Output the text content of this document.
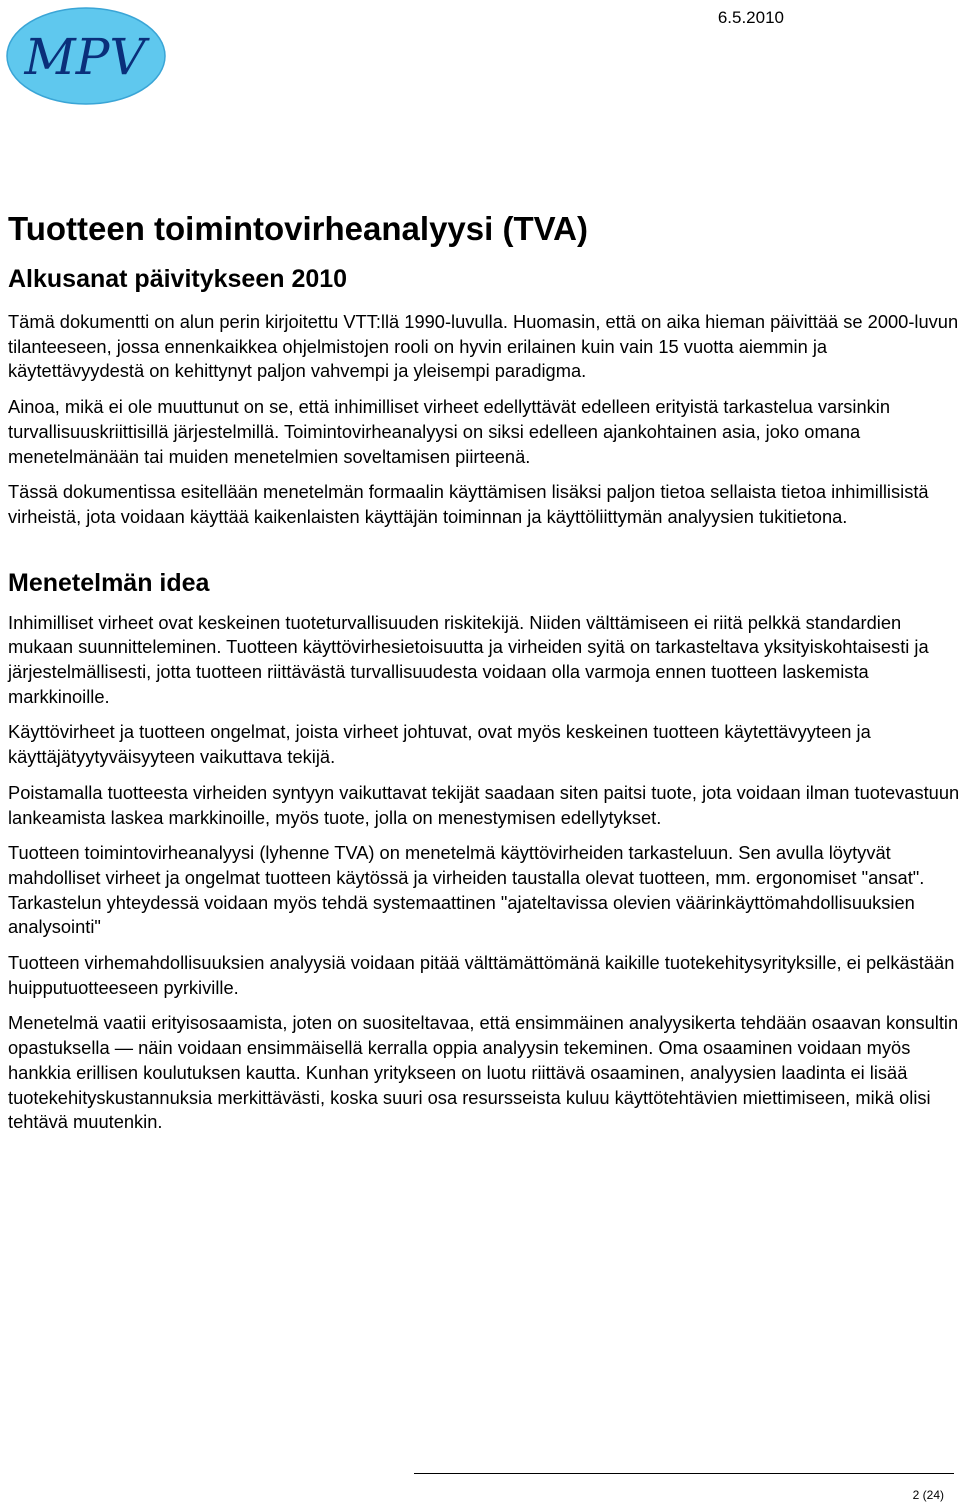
MPV
6.5.2010
Tuotteen toimintovirheanalyysi (TVA)
Alkusanat päivitykseen 2010

Tämä dokumentti on alun perin kirjoitettu VTT:llä 1990-luvulla. Huomasin, että on aika hieman päivittää se 2000-luvun tilanteeseen, jossa ennenkaikkea ohjelmistojen rooli on hyvin erilainen kuin vain 15 vuotta aiemmin ja käytettävyydestä on kehittynyt paljon vahvempi ja yleisempi paradigma.

Ainoa, mikä ei ole muuttunut on se, että inhimilliset virheet edellyttävät edelleen erityistä tarkastelua varsinkin turvallisuuskriittisillä järjestelmillä. Toimintovirheanalyysi on siksi edelleen ajankohtainen asia, joko omana menetelmänään tai muiden menetelmien soveltamisen piirteenä.

Tässä dokumentissa esitellään menetelmän formaalin käyttämisen lisäksi paljon tietoa sellaista tietoa inhimillisistä virheistä, jota voidaan käyttää kaikenlaisten käyttäjän toiminnan ja käyttöliittymän analyysien tukitietona.

Menetelmän idea

Inhimilliset virheet ovat keskeinen tuoteturvallisuuden riskitekijä. Niiden välttämiseen ei riitä pelkkä standardien mukaan suunnitteleminen. Tuotteen käyttövirhesietoisuutta ja virheiden syitä on tarkasteltava yksityiskohtaisesti ja järjestelmällisesti, jotta tuotteen riittävästä turvallisuudesta voidaan olla varmoja ennen tuotteen laskemista markkinoille.

Käyttövirheet ja tuotteen ongelmat, joista virheet johtuvat, ovat myös keskeinen tuotteen käytettävyyteen ja käyttäjätyytyväisyyteen vaikuttava tekijä.

Poistamalla tuotteesta virheiden syntyyn vaikuttavat tekijät saadaan siten paitsi tuote, jota voidaan ilman tuotevastuun lankeamista laskea markkinoille, myös tuote, jolla on menestymisen edellytykset.

Tuotteen toimintovirheanalyysi (lyhenne TVA) on menetelmä käyttövirheiden tarkasteluun. Sen avulla löytyvät mahdolliset virheet ja ongelmat tuotteen käytössä ja virheiden taustalla olevat tuotteen, mm. ergonomiset "ansat". Tarkastelun yhteydessä voidaan myös tehdä systemaattinen "ajateltavissa olevien väärinkäyttömahdollisuuksien analysointi"

Tuotteen virhemahdollisuuksien analyysiä voidaan pitää välttämättömänä kaikille tuotekehitysyrityksille, ei pelkästään huipputuotteeseen pyrkiville.

Menetelmä vaatii erityisosaamista, joten on suositeltavaa, että ensimmäinen analyysikerta tehdään osaavan konsultin opastuksella — näin voidaan ensimmäisellä kerralla oppia analyysin tekeminen. Oma osaaminen voidaan myös hankkia erillisen koulutuksen kautta. Kunhan yritykseen on luotu riittävä osaaminen, analyysien laadinta ei lisää tuotekehityskustannuksia merkittävästi, koska suuri osa resursseista kuluu käyttötehtävien miettimiseen, mikä olisi tehtävä muutenkin.

2 (24)
